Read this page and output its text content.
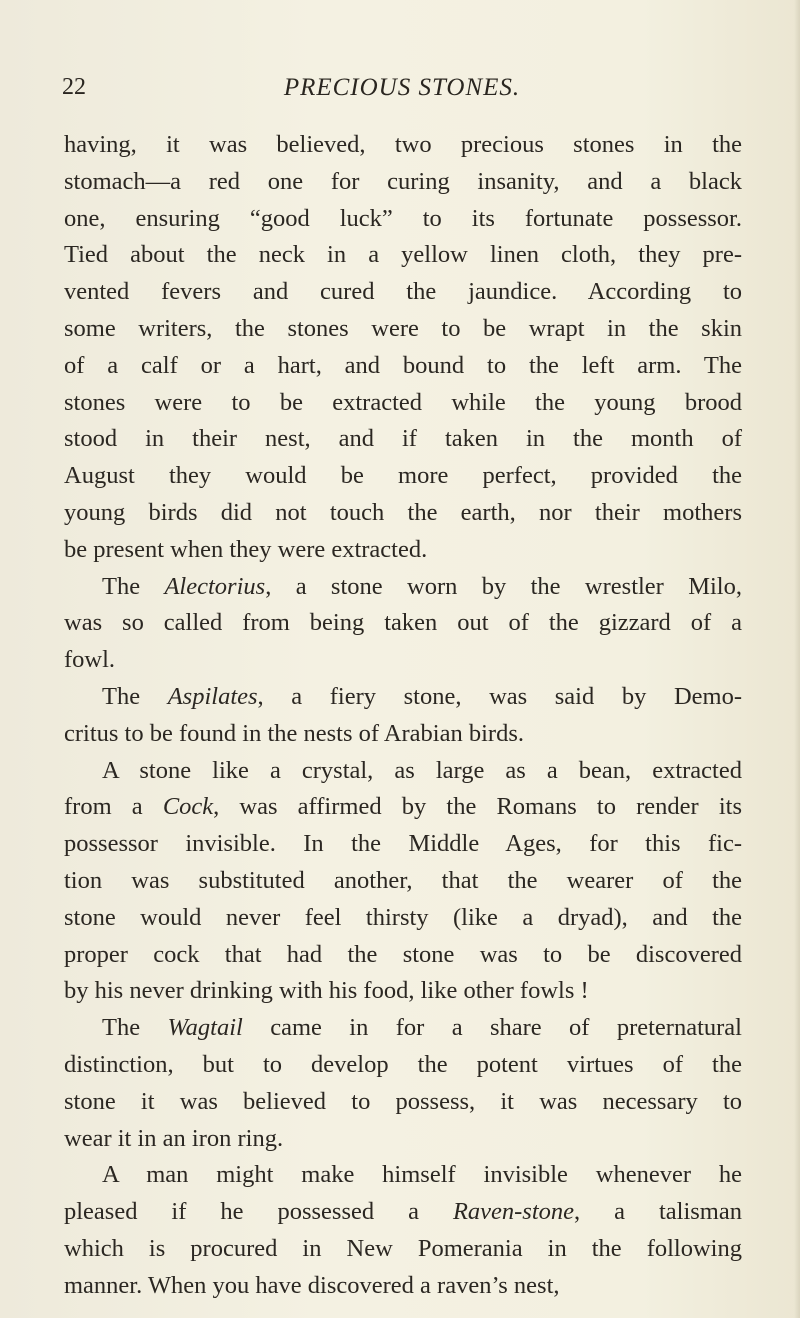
22	PRECIOUS STONES.
having, it was believed, two precious stones in the
stomach—a red one for curing insanity, and a black
one, ensuring “good luck” to its fortunate possessor.
Tied about the neck in a yellow linen cloth, they pre-
vented fevers and cured the jaundice. According to
some writers, the stones were to be wrapt in the skin
of a calf or a hart, and bound to the left arm. The
stones were to be extracted while the young brood
stood in their nest, and if taken in the month of
August they would be more perfect, provided the
young birds did not touch the earth, nor their mothers
be present when they were extracted.
The Alectorius, a stone worn by the wrestler Milo,
was so called from being taken out of the gizzard of a
fowl.
The Aspilates, a fiery stone, was said by Demo-
critus to be found in the nests of Arabian birds.
A stone like a crystal, as large as a bean, extracted
from a Cock, was affirmed by the Romans to render its
possessor invisible. In the Middle Ages, for this fic-
tion was substituted another, that the wearer of the
stone would never feel thirsty (like a dryad), and the
proper cock that had the stone was to be discovered
by his never drinking with his food, like other fowls !
The Wagtail came in for a share of preternatural
distinction, but to develop the potent virtues of the
stone it was believed to possess, it was necessary to
wear it in an iron ring.
A man might make himself invisible whenever he
pleased if he possessed a Raven-stone, a talisman
which is procured in New Pomerania in the following
manner. When you have discovered a raven’s nest,
